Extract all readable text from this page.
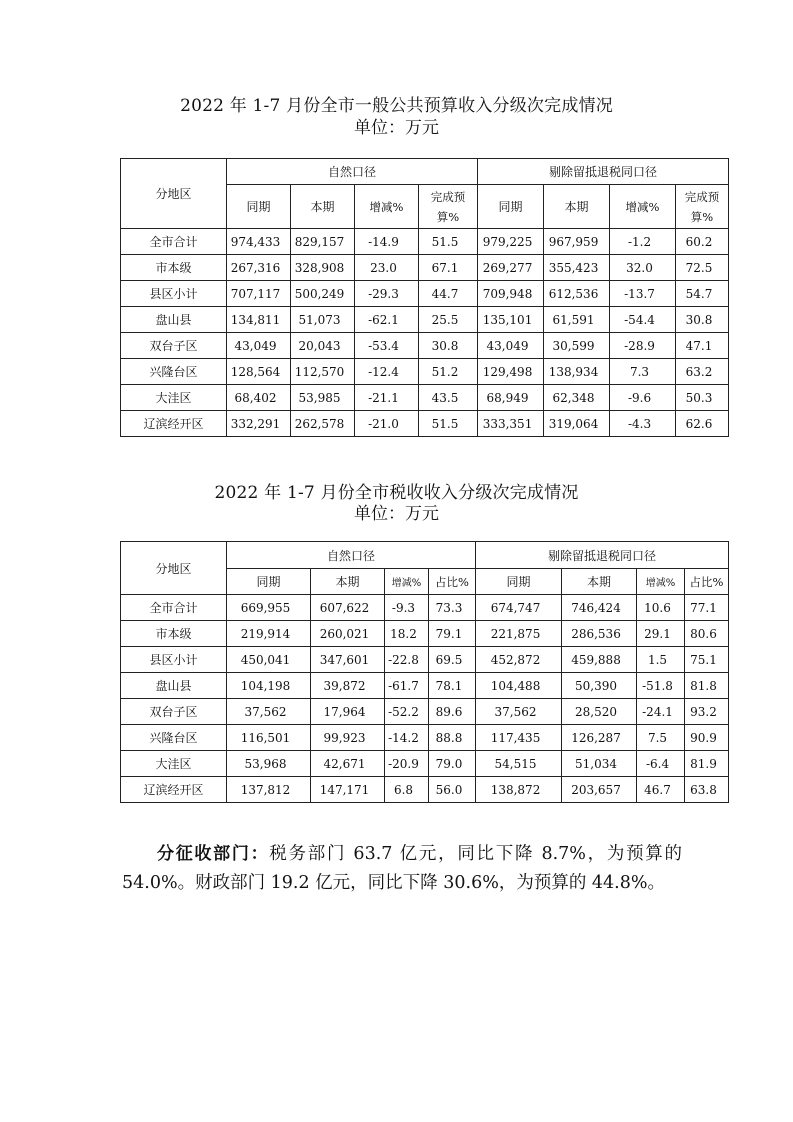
2022 年 1-7 月份全市一般公共预算收入分级次完成情况
单位：万元
分地区	自然口径				剔除留抵退税同口径			
	同期	本期	增减%	完成预算%	同期	本期	增减%	完成预算%
全市合计	974,433	829,157	-14.9	51.5	979,225	967,959	-1.2	60.2
市本级	267,316	328,908	23.0	67.1	269,277	355,423	32.0	72.5
县区小计	707,117	500,249	-29.3	44.7	709,948	612,536	-13.7	54.7
盘山县	134,811	51,073	-62.1	25.5	135,101	61,591	-54.4	30.8
双台子区	43,049	20,043	-53.4	30.8	43,049	30,599	-28.9	47.1
兴隆台区	128,564	112,570	-12.4	51.2	129,498	138,934	7.3	63.2
大洼区	68,402	53,985	-21.1	43.5	68,949	62,348	-9.6	50.3
辽滨经开区	332,291	262,578	-21.0	51.5	333,351	319,064	-4.3	62.6
2022 年 1-7 月份全市税收收入分级次完成情况
单位：万元
分地区	自然口径				剔除留抵退税同口径			
	同期	本期	增减%	占比%	同期	本期	增减%	占比%
全市合计	669,955	607,622	-9.3	73.3	674,747	746,424	10.6	77.1
市本级	219,914	260,021	18.2	79.1	221,875	286,536	29.1	80.6
县区小计	450,041	347,601	-22.8	69.5	452,872	459,888	1.5	75.1
盘山县	104,198	39,872	-61.7	78.1	104,488	50,390	-51.8	81.8
双台子区	37,562	17,964	-52.2	89.6	37,562	28,520	-24.1	93.2
兴隆台区	116,501	99,923	-14.2	88.8	117,435	126,287	7.5	90.9
大洼区	53,968	42,671	-20.9	79.0	54,515	51,034	-6.4	81.9
辽滨经开区	137,812	147,171	6.8	56.0	138,872	203,657	46.7	63.8
分征收部门：税务部门 63.7 亿元，同比下降 8.7%，为预算的 54.0%。财政部门 19.2 亿元，同比下降 30.6%，为预算的 44.8%。
